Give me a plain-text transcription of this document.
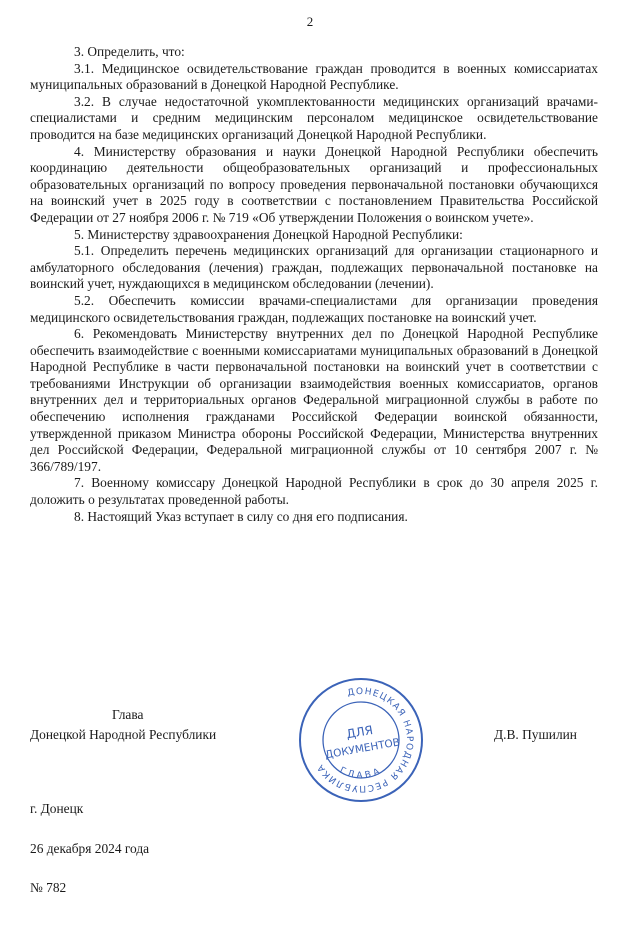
2

3. Определить, что:

3.1. Медицинское освидетельствование граждан проводится в военных комиссариатах муниципальных образований в Донецкой Народной Республике.

3.2. В случае недостаточной укомплектованности медицинских организаций врачами-специалистами и средним медицинским персоналом медицинское освидетельствование проводится на базе медицинских организаций Донецкой Народной Республики.

4. Министерству образования и науки Донецкой Народной Республики обеспечить координацию деятельности общеобразовательных организаций и профессиональных образовательных организаций по вопросу проведения первоначальной постановки обучающихся на воинский учет в 2025 году в соответствии с постановлением Правительства Российской Федерации от 27 ноября 2006 г. № 719 «Об утверждении Положения о воинском учете».

5. Министерству здравоохранения Донецкой Народной Республики:

5.1. Определить перечень медицинских организаций для организации стационарного и амбулаторного обследования (лечения) граждан, подлежащих первоначальной постановке на воинский учет, нуждающихся в медицинском обследовании (лечении).

5.2. Обеспечить комиссии врачами-специалистами для организации проведения медицинского освидетельствования граждан, подлежащих постановке на воинский учет.

6. Рекомендовать Министерству внутренних дел по Донецкой Народной Республике обеспечить взаимодействие с военными комиссариатами муниципальных образований в Донецкой Народной Республике в части первоначальной постановки на воинский учет в соответствии с требованиями Инструкции об организации взаимодействия военных комиссариатов, органов внутренних дел и территориальных органов Федеральной миграционной службы в работе по обеспечению исполнения гражданами Российской Федерации воинской обязанности, утвержденной приказом Министра обороны Российской Федерации, Министерства внутренних дел Российской Федерации, Федеральной миграционной службы от 10 сентября 2007 г. № 366/789/197.

7. Военному комиссару Донецкой Народной Республики в срок до 30 апреля 2025 г. доложить о результатах проведенной работы.

8. Настоящий Указ вступает в силу со дня его подписания.

Глава
Донецкой Народной Республики	Д.В. Пушилин
ДОНЕЦКАЯ НАРОДНАЯ РЕСПУБЛИКА	ГЛАВА
ДЛЯ
ДОКУМЕНТОВ
г. Донецк
26 декабря 2024 года
№ 782
